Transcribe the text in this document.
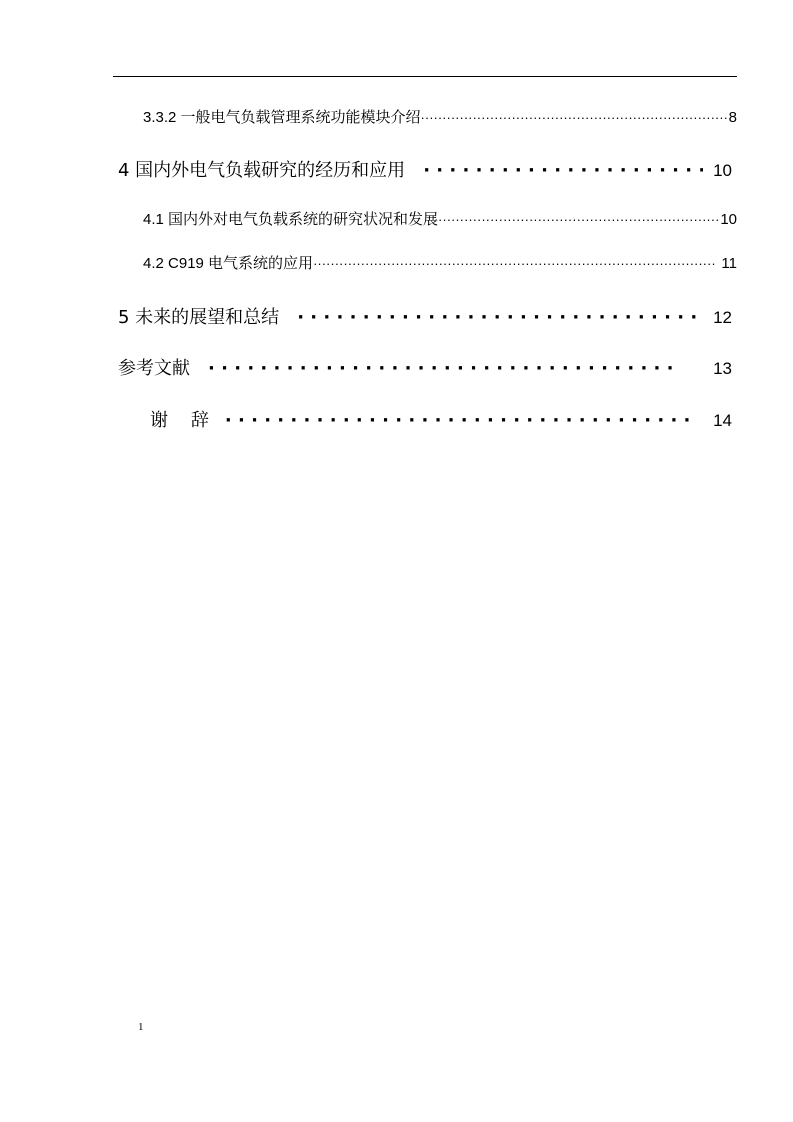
3.3.2 一般电气负载管理系统功能模块介绍 ·····	8
4 国内外电气负载研究的经历和应用 · ·	10
4.1 国内外对电气负载系统的研究状况和发展 ·····	10
4.2 C919 电气系统的应用 ·····	11
5 未来的展望和总结 · ·	12
参考文献 · ·	13
谢    辞 · ·	14
1
